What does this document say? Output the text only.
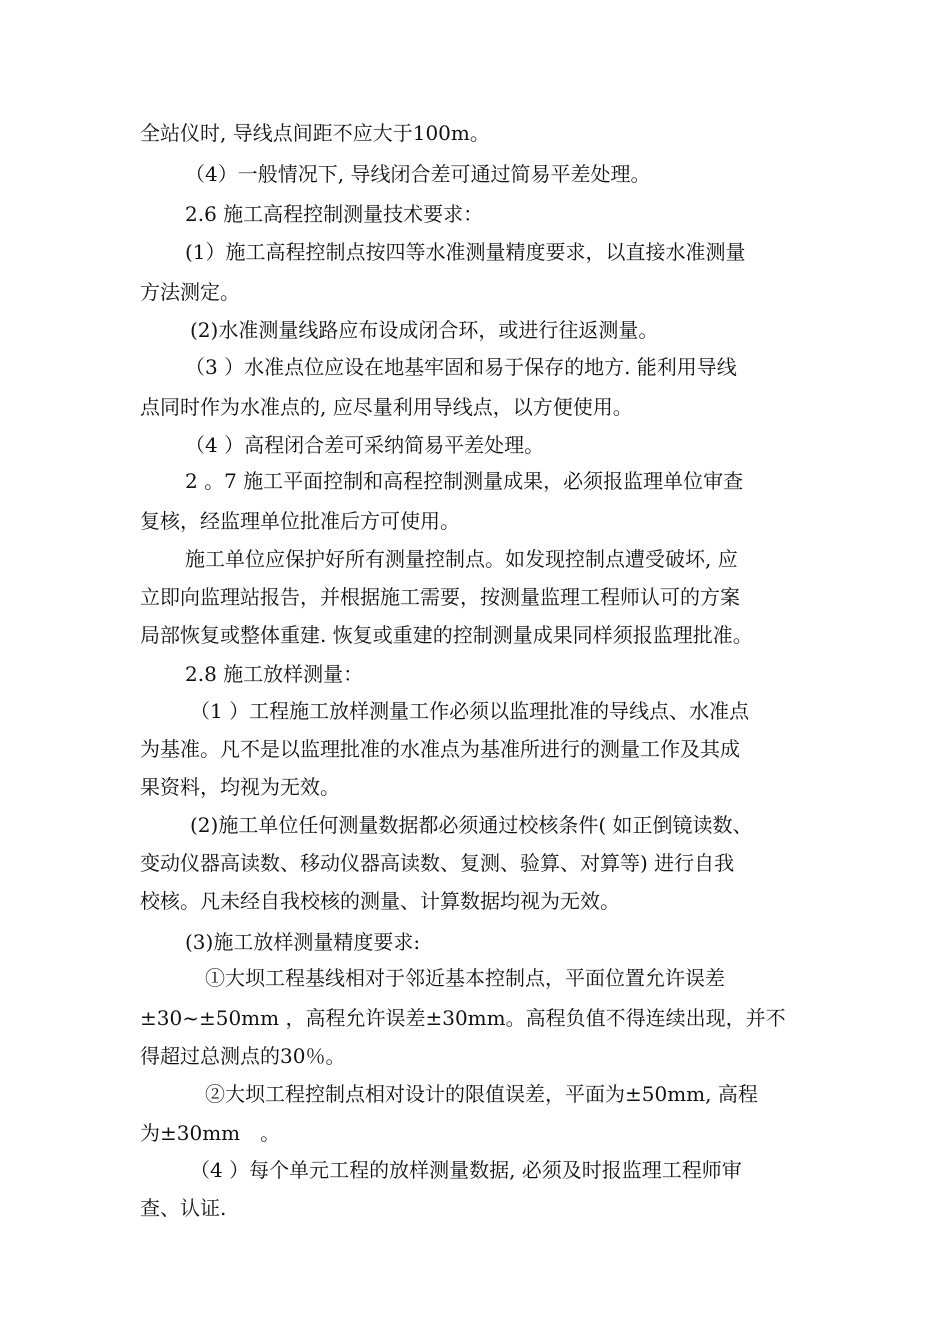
全站仪时, 导线点间距不应大于100m。
（4）一般情况下, 导线闭合差可通过简易平差处理。
2.6 施工高程控制测量技术要求：
(1）施工高程控制点按四等水准测量精度要求，以直接水准测量
方法测定。
(2)水准测量线路应布设成闭合环，或进行往返测量。
（3 ）水准点位应设在地基牢固和易于保存的地方. 能利用导线
点同时作为水准点的, 应尽量利用导线点，以方便使用。
（4 ）高程闭合差可采纳简易平差处理。
2 。7 施工平面控制和高程控制测量成果，必须报监理单位审查
复核，经监理单位批准后方可使用。
施工单位应保护好所有测量控制点。如发现控制点遭受破坏, 应
立即向监理站报告，并根据施工需要，按测量监理工程师认可的方案
局部恢复或整体重建. 恢复或重建的控制测量成果同样须报监理批准。
2.8 施工放样测量：
（1 ）工程施工放样测量工作必须以监理批准的导线点、水准点
为基准。凡不是以监理批准的水准点为基准所进行的测量工作及其成
果资料，均视为无效。
(2)施工单位任何测量数据都必须通过校核条件( 如正倒镜读数、
变动仪器高读数、移动仪器高读数、复测、验算、对算等) 进行自我
校核。凡未经自我校核的测量、计算数据均视为无效。
(3)施工放样测量精度要求:
①大坝工程基线相对于邻近基本控制点，平面位置允许误差
±30~±50mm ，高程允许误差±30mm。高程负值不得连续出现，并不
得超过总测点的30％。
②大坝工程控制点相对设计的限值误差，平面为±50mm, 高程
为±30mm　。
（4 ）每个单元工程的放样测量数据, 必须及时报监理工程师审
查、认证.
